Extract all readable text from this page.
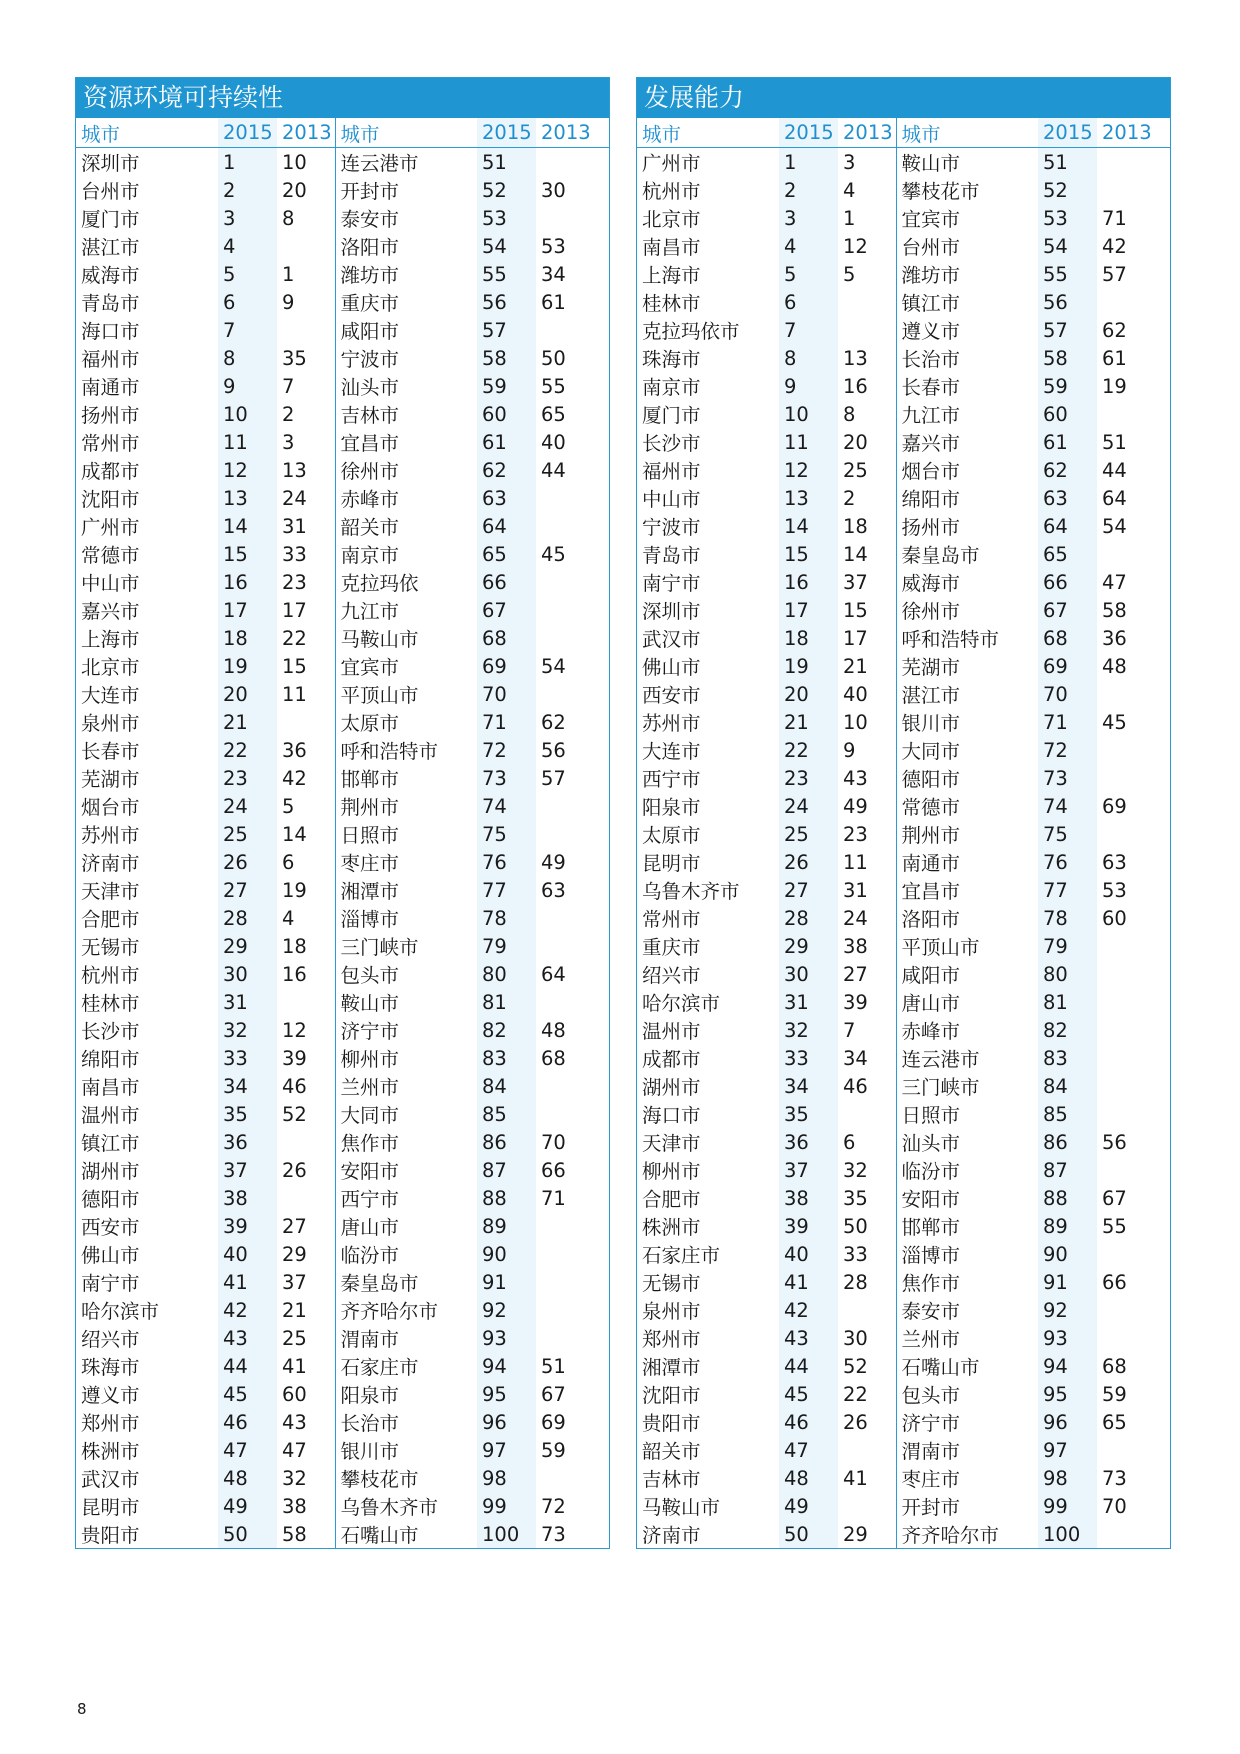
资源环境可持续性
城市	2015	2013	城市	2015	2013
深圳市	1	10	连云港市	51	
台州市	2	20	开封市	52	30
厦门市	3	8	泰安市	53	
湛江市	4		洛阳市	54	53
威海市	5	1	潍坊市	55	34
青岛市	6	9	重庆市	56	61
海口市	7		咸阳市	57	
福州市	8	35	宁波市	58	50
南通市	9	7	汕头市	59	55
扬州市	10	2	吉林市	60	65
常州市	11	3	宜昌市	61	40
成都市	12	13	徐州市	62	44
沈阳市	13	24	赤峰市	63	
广州市	14	31	韶关市	64	
常德市	15	33	南京市	65	45
中山市	16	23	克拉玛依	66	
嘉兴市	17	17	九江市	67	
上海市	18	22	马鞍山市	68	
北京市	19	15	宜宾市	69	54
大连市	20	11	平顶山市	70	
泉州市	21		太原市	71	62
长春市	22	36	呼和浩特市	72	56
芜湖市	23	42	邯郸市	73	57
烟台市	24	5	荆州市	74	
苏州市	25	14	日照市	75	
济南市	26	6	枣庄市	76	49
天津市	27	19	湘潭市	77	63
合肥市	28	4	淄博市	78	
无锡市	29	18	三门峡市	79	
杭州市	30	16	包头市	80	64
桂林市	31		鞍山市	81	
长沙市	32	12	济宁市	82	48
绵阳市	33	39	柳州市	83	68
南昌市	34	46	兰州市	84	
温州市	35	52	大同市	85	
镇江市	36		焦作市	86	70
湖州市	37	26	安阳市	87	66
德阳市	38		西宁市	88	71
西安市	39	27	唐山市	89	
佛山市	40	29	临汾市	90	
南宁市	41	37	秦皇岛市	91	
哈尔滨市	42	21	齐齐哈尔市	92	
绍兴市	43	25	渭南市	93	
珠海市	44	41	石家庄市	94	51
遵义市	45	60	阳泉市	95	67
郑州市	46	43	长治市	96	69
株洲市	47	47	银川市	97	59
武汉市	48	32	攀枝花市	98	
昆明市	49	38	乌鲁木齐市	99	72
贵阳市	50	58	石嘴山市	100	73
发展能力
城市	2015	2013	城市	2015	2013
广州市	1	3	鞍山市	51	
杭州市	2	4	攀枝花市	52	
北京市	3	1	宜宾市	53	71
南昌市	4	12	台州市	54	42
上海市	5	5	潍坊市	55	57
桂林市	6		镇江市	56	
克拉玛依市	7		遵义市	57	62
珠海市	8	13	长治市	58	61
南京市	9	16	长春市	59	19
厦门市	10	8	九江市	60	
长沙市	11	20	嘉兴市	61	51
福州市	12	25	烟台市	62	44
中山市	13	2	绵阳市	63	64
宁波市	14	18	扬州市	64	54
青岛市	15	14	秦皇岛市	65	
南宁市	16	37	威海市	66	47
深圳市	17	15	徐州市	67	58
武汉市	18	17	呼和浩特市	68	36
佛山市	19	21	芜湖市	69	48
西安市	20	40	湛江市	70	
苏州市	21	10	银川市	71	45
大连市	22	9	大同市	72	
西宁市	23	43	德阳市	73	
阳泉市	24	49	常德市	74	69
太原市	25	23	荆州市	75	
昆明市	26	11	南通市	76	63
乌鲁木齐市	27	31	宜昌市	77	53
常州市	28	24	洛阳市	78	60
重庆市	29	38	平顶山市	79	
绍兴市	30	27	咸阳市	80	
哈尔滨市	31	39	唐山市	81	
温州市	32	7	赤峰市	82	
成都市	33	34	连云港市	83	
湖州市	34	46	三门峡市	84	
海口市	35		日照市	85	
天津市	36	6	汕头市	86	56
柳州市	37	32	临汾市	87	
合肥市	38	35	安阳市	88	67
株洲市	39	50	邯郸市	89	55
石家庄市	40	33	淄博市	90	
无锡市	41	28	焦作市	91	66
泉州市	42		泰安市	92	
郑州市	43	30	兰州市	93	
湘潭市	44	52	石嘴山市	94	68
沈阳市	45	22	包头市	95	59
贵阳市	46	26	济宁市	96	65
韶关市	47		渭南市	97	
吉林市	48	41	枣庄市	98	73
马鞍山市	49		开封市	99	70
济南市	50	29	齐齐哈尔市	100	
8
